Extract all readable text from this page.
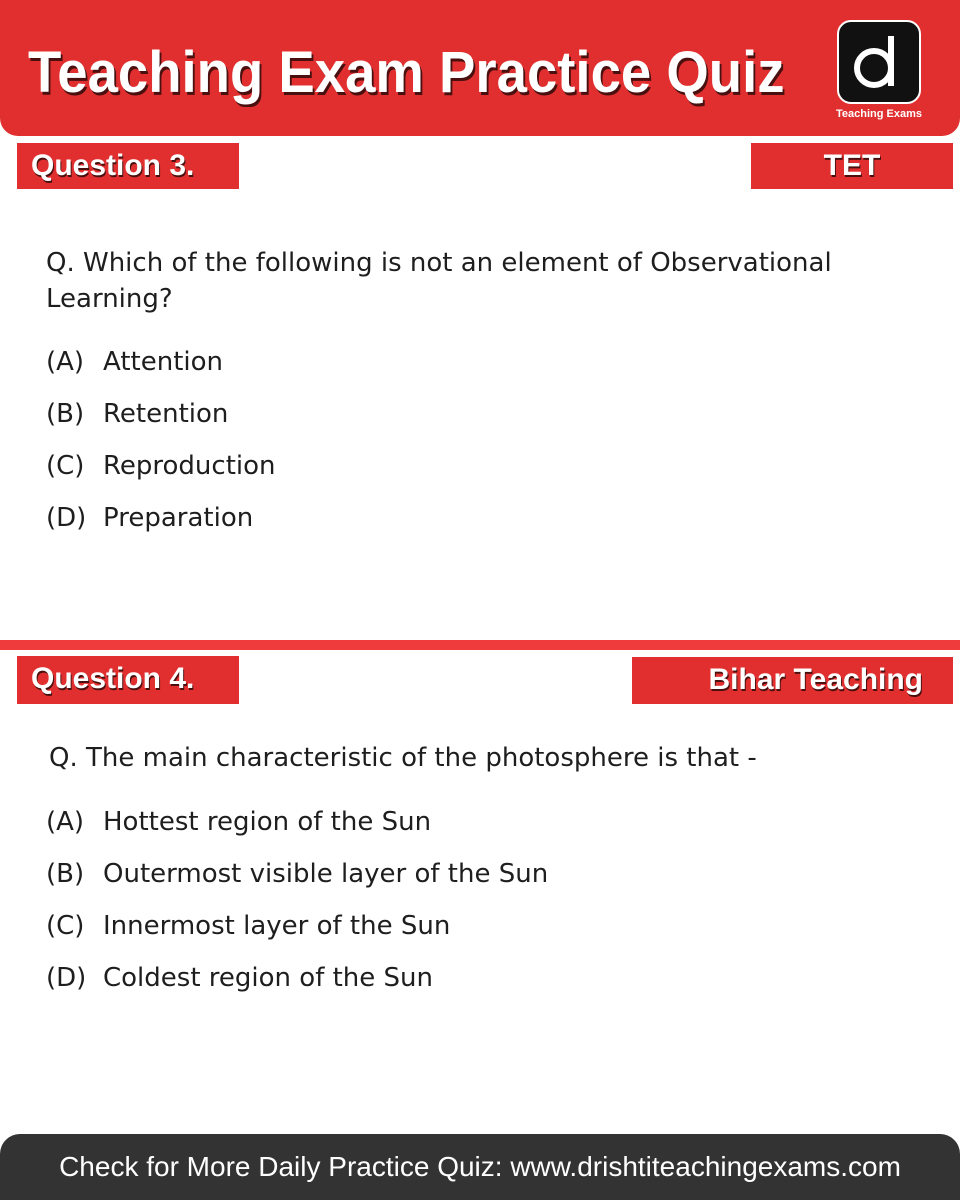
Teaching Exam Practice Quiz
Teaching Exams
Question 3.	TET
Q. Which of the following is not an element of Observational Learning?
(A) Attention
(B) Retention
(C) Reproduction
(D) Preparation
Question 4.	Bihar Teaching
Q. The main characteristic of the photosphere is that -
(A) Hottest region of the Sun
(B) Outermost visible layer of the Sun
(C) Innermost layer of the Sun
(D) Coldest region of the Sun
Check for More Daily Practice Quiz: www.drishtiteachingexams.com
